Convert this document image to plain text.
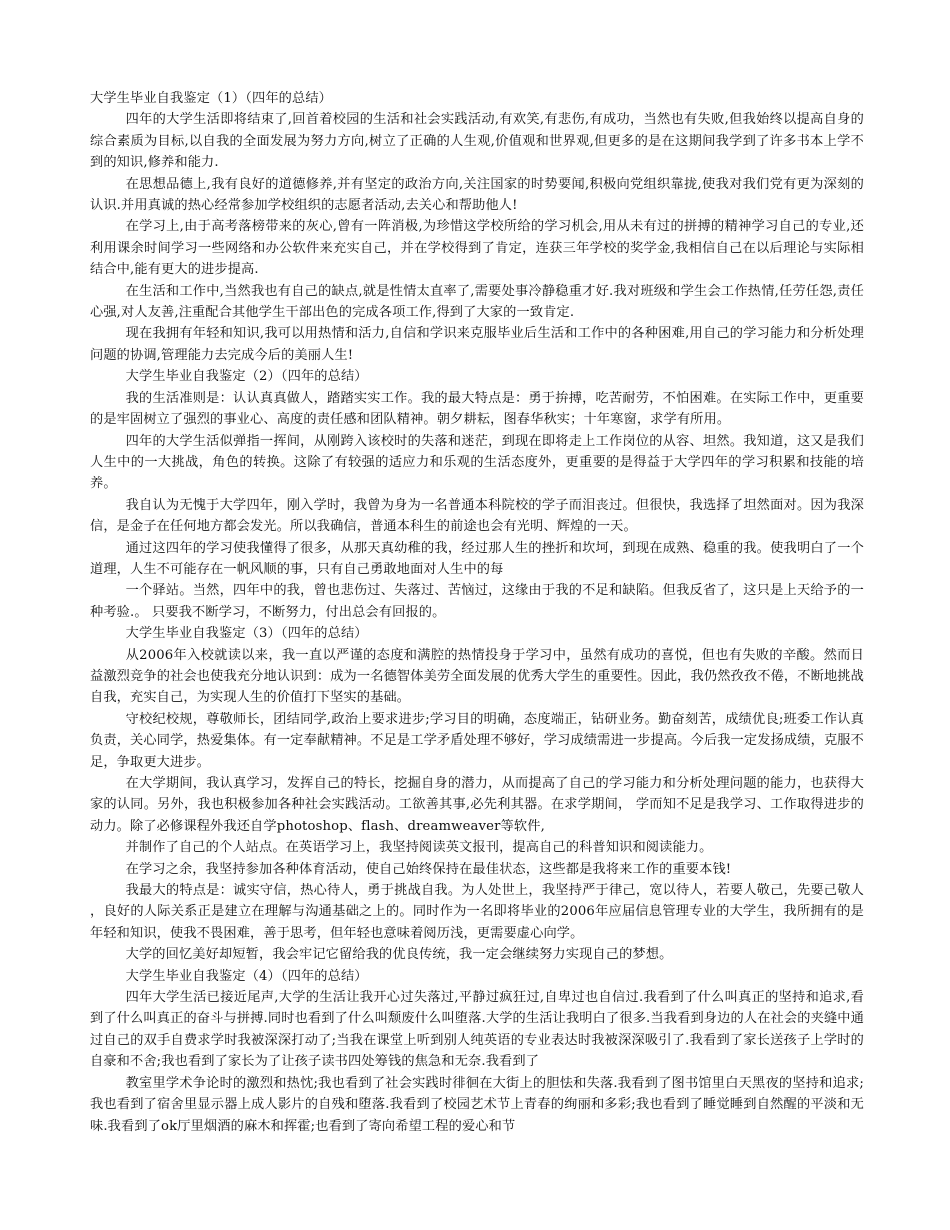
大学生毕业自我鉴定（1）（四年的总结）

四年的大学生活即将结束了,回首着校园的生活和社会实践活动,有欢笑,有悲伤,有成功，当然也有失败,但我始终以提高自身的综合素质为目标,以自我的全面发展为努力方向,树立了正确的人生观,价值观和世界观,但更多的是在这期间我学到了许多书本上学不到的知识,修养和能力.

在思想品德上,我有良好的道德修养,并有坚定的政治方向,关注国家的时势要闻,积极向党组织靠拢,使我对我们党有更为深刻的认识.并用真诚的热心经常参加学校组织的志愿者活动,去关心和帮助他人!

在学习上,由于高考落榜带来的灰心,曾有一阵消极,为珍惜这学校所给的学习机会,用从未有过的拼搏的精神学习自己的专业,还利用课余时间学习一些网络和办公软件来充实自己，并在学校得到了肯定，连获三年学校的奖学金,我相信自己在以后理论与实际相结合中,能有更大的进步提高.

在生活和工作中,当然我也有自己的缺点,就是性情太直率了,需要处事冷静稳重才好.我对班级和学生会工作热情,任劳任怨,责任心强,对人友善,注重配合其他学生干部出色的完成各项工作,得到了大家的一致肯定.

现在我拥有年轻和知识,我可以用热情和活力,自信和学识来克服毕业后生活和工作中的各种困难,用自己的学习能力和分析处理问题的协调,管理能力去完成今后的美丽人生!

大学生毕业自我鉴定（2）（四年的总结）

我的生活准则是：认认真真做人，踏踏实实工作。我的最大特点是：勇于拚搏，吃苦耐劳，不怕困难。在实际工作中，更重要的是牢固树立了强烈的事业心、高度的责任感和团队精神。朝夕耕耘，图春华秋实；十年寒窗，求学有所用。

四年的大学生活似弹指一挥间，从刚跨入该校时的失落和迷茫，到现在即将走上工作岗位的从容、坦然。我知道，这又是我们人生中的一大挑战，角色的转换。这除了有较强的适应力和乐观的生活态度外，更重要的是得益于大学四年的学习积累和技能的培养。

我自认为无愧于大学四年，刚入学时，我曾为身为一名普通本科院校的学子而泪丧过。但很快，我选择了坦然面对。因为我深信，是金子在任何地方都会发光。所以我确信，普通本科生的前途也会有光明、辉煌的一天。

通过这四年的学习使我懂得了很多，从那天真幼稚的我，经过那人生的挫折和坎坷，到现在成熟、稳重的我。使我明白了一个道理，人生不可能存在一帆风顺的事，只有自己勇敢地面对人生中的每

一个驿站。当然，四年中的我，曾也悲伤过、失落过、苦恼过，这缘由于我的不足和缺陷。但我反省了，这只是上天给予的一种考验.。 只要我不断学习，不断努力，付出总会有回报的。

大学生毕业自我鉴定（3）（四年的总结）

从2006年入校就读以来，我一直以严谨的态度和满腔的热情投身于学习中，虽然有成功的喜悦，但也有失败的辛酸。然而日益激烈竞争的社会也使我充分地认识到：成为一名德智体美劳全面发展的优秀大学生的重要性。因此，我仍然孜孜不倦，不断地挑战自我，充实自己，为实现人生的价值打下坚实的基础。

守校纪校规，尊敬师长，团结同学,政治上要求进步;学习目的明确，态度端正，钻研业务。勤奋刻苦，成绩优良;班委工作认真负责，关心同学，热爱集体。有一定奉献精神。不足是工学矛盾处理不够好，学习成绩需进一步提高。今后我一定发扬成绩，克服不足，争取更大进步。

在大学期间，我认真学习，发挥自己的特长，挖掘自身的潜力，从而提高了自己的学习能力和分析处理问题的能力，也获得大家的认同。另外，我也积极参加各种社会实践活动。工欲善其事,必先利其器。在求学期间， 学而知不足是我学习、工作取得进步的动力。除了必修课程外我还自学photoshop、flash、dreamweaver等软件,

并制作了自己的个人站点。在英语学习上，我坚持阅读英文报刊，提高自己的科普知识和阅读能力。

在学习之余，我坚持参加各种体育活动，使自己始终保持在最佳状态，这些都是我将来工作的重要本钱!

我最大的特点是：诚实守信，热心待人，勇于挑战自我。为人处世上，我坚持严于律己，宽以待人，若要人敬己，先要己敬人 ，良好的人际关系正是建立在理解与沟通基础之上的。同时作为一名即将毕业的2006年应届信息管理专业的大学生，我所拥有的是年轻和知识，使我不畏困难，善于思考，但年轻也意味着阅历浅，更需要虚心向学。

大学的回忆美好却短暂，我会牢记它留给我的优良传统，我一定会继续努力实现自己的梦想。

大学生毕业自我鉴定（4）（四年的总结）

四年大学生活已接近尾声,大学的生活让我开心过失落过,平静过疯狂过,自卑过也自信过.我看到了什么叫真正的坚持和追求,看到了什么叫真正的奋斗与拼搏.同时也看到了什么叫颓废什么叫堕落.大学的生活让我明白了很多.当我看到身边的人在社会的夹缝中通过自己的双手自费求学时我被深深打动了;当我在课堂上听到别人纯英语的专业表达时我被深深吸引了.我看到了家长送孩子上学时的自豪和不舍;我也看到了家长为了让孩子读书四处筹钱的焦急和无奈.我看到了

教室里学术争论时的激烈和热忱;我也看到了社会实践时徘徊在大街上的胆怯和失落.我看到了图书馆里白天黑夜的坚持和追求;我也看到了宿舍里显示器上成人影片的自残和堕落.我看到了校园艺术节上青春的绚丽和多彩;我也看到了睡觉睡到自然醒的平淡和无味.我看到了ok厅里烟酒的麻木和挥霍;也看到了寄向希望工程的爱心和节
